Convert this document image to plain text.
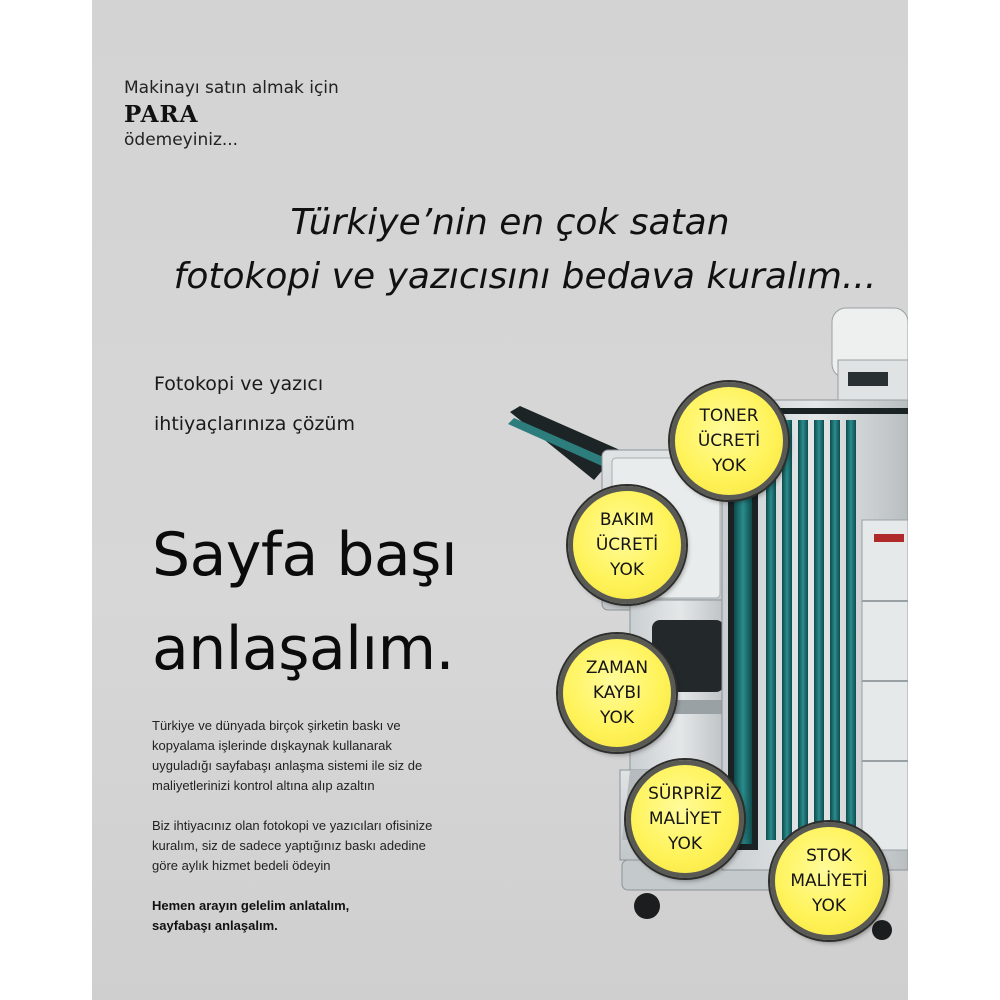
Makinayı satın almak için
PARA
ödemeyiniz...
Türkiye’nin en çok satan
fotokopi ve yazıcısını bedava kuralım...
Fotokopi ve yazıcı
ihtiyaçlarınıza çözüm
Sayfa başı
anlaşalım.

Türkiye ve dünyada birçok şirketin baskı ve
kopyalama işlerinde dışkaynak kullanarak
uyguladığı sayfabaşı anlaşma sistemi ile siz de
maliyetlerinizi kontrol altına alıp azaltın

Biz ihtiyacınız olan fotokopi ve yazıcıları ofisinize
kuralım, siz de sadece yaptığınız baskı adedine
göre aylık hizmet bedeli ödeyin

Hemen arayın gelelim anlatalım,
sayfabaşı anlaşalım.

TONER
ÜCRETİ
YOK
BAKIM
ÜCRETİ
YOK
ZAMAN
KAYBI
YOK
SÜRPRİZ
MALİYET
YOK
STOK
MALİYETİ
YOK
